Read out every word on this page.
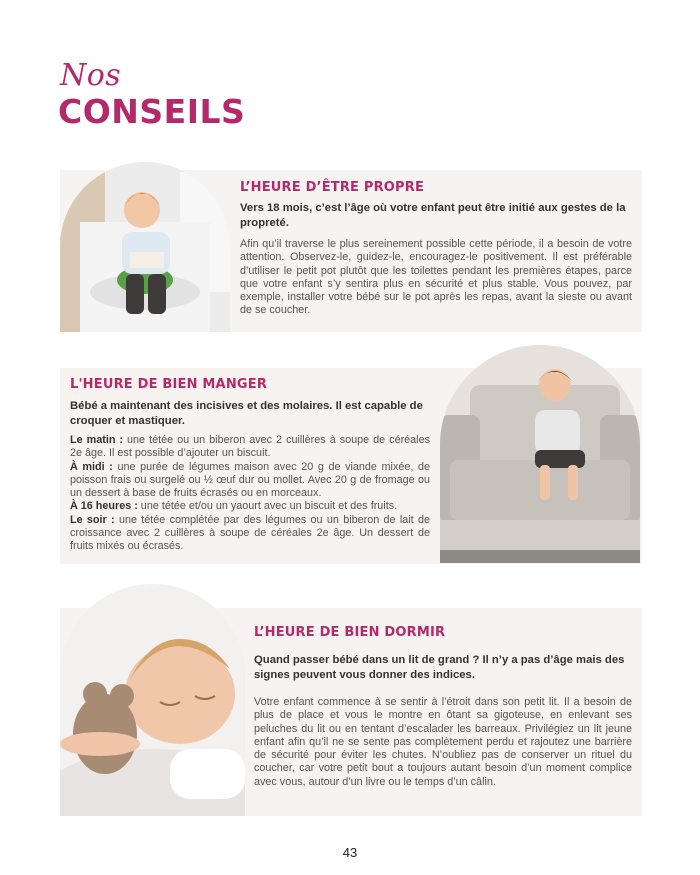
Nos
CONSEILS
L’HEURE D’ÊTRE PROPRE
Vers 18 mois, c’est l’âge où votre enfant peut être initié aux gestes de la propreté.
Afin qu’il traverse le plus sereinement possible cette période, il a besoin de votre attention. Observez-le, guidez-le, encouragez-le positivement. Il est préférable d’utiliser le petit pot plutôt que les toilettes pendant les premières étapes, parce que votre enfant s’y sentira plus en sécurité et plus stable. Vous pouvez, par exemple, installer votre bébé sur le pot après les repas, avant la sieste ou avant de se coucher.
L'HEURE DE BIEN MANGER
Bébé a maintenant des incisives et des molaires. Il est capable de croquer et mastiquer.
Le matin : une tétée ou un biberon avec 2 cuillères à soupe de céréales 2e âge. Il est possible d’ajouter un biscuit.
À midi : une purée de légumes maison avec 20 g de viande mixée, de poisson frais ou surgelé ou ½ œuf dur ou mollet. Avec 20 g de fromage ou un dessert à base de fruits écrasés ou en morceaux.
À 16 heures : une tétée et/ou un yaourt avec un biscuit et des fruits.
Le soir : une tétée complétée par des légumes ou un biberon de lait de croissance avec 2 cuillères à soupe de céréales 2e âge. Un dessert de fruits mixés ou écrasés.
L’HEURE DE BIEN DORMIR
Quand passer bébé dans un lit de grand ? Il n’y a pas d’âge mais des signes peuvent vous donner des indices.
Votre enfant commence à se sentir à l’étroit dans son petit lit. Il a besoin de plus de place et vous le montre en ôtant sa gigoteuse, en enlevant ses peluches du lit ou en tentant d’escalader les barreaux. Privilégiez un lit jeune enfant afin qu’il ne se sente pas complètement perdu et rajoutez une barrière de sécurité pour éviter les chutes. N’oubliez pas de conserver un rituel du coucher, car votre petit bout a toujours autant besoin d’un moment complice avec vous, autour d’un livre ou le temps d’un câlin.
43
